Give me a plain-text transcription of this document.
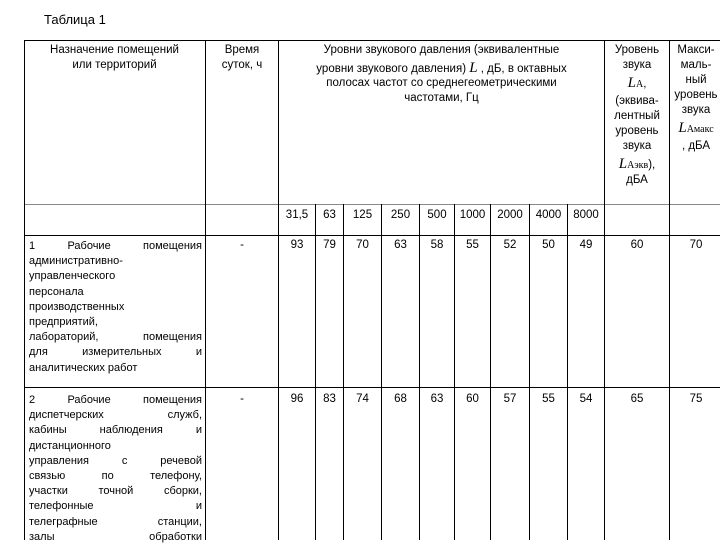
Таблица 1
Назначение помещений
или территорий
Время
суток, ч
Уровни звукового давления (эквивалентные
уровни звукового давления) L , дБ, в октавных
полосах частот со среднегеометрическими
частотами, Гц
Уровень
звука
LA,
(эквива-
лентный
уровень
звука
LАэкв),
дБА
Макси-
маль-
ный
уровень
звука
LAмакс
, дБА
31,5	63	125	250	500	1000	2000	4000	8000
1 Рабочие помещения
административно-
управленческого
персонала
производственных
предприятий,
лабораторий, помещения
для измерительных и
аналитических работ
-	93	79	70	63	58	55	52	50	49	60	70
2 Рабочие помещения
диспетчерских служб,
кабины наблюдения и
дистанционного
управления с речевой
связью по телефону,
участки точной сборки,
телефонные и
телеграфные станции,
залы обработки
-	96	83	74	68	63	60	57	55	54	65	75
